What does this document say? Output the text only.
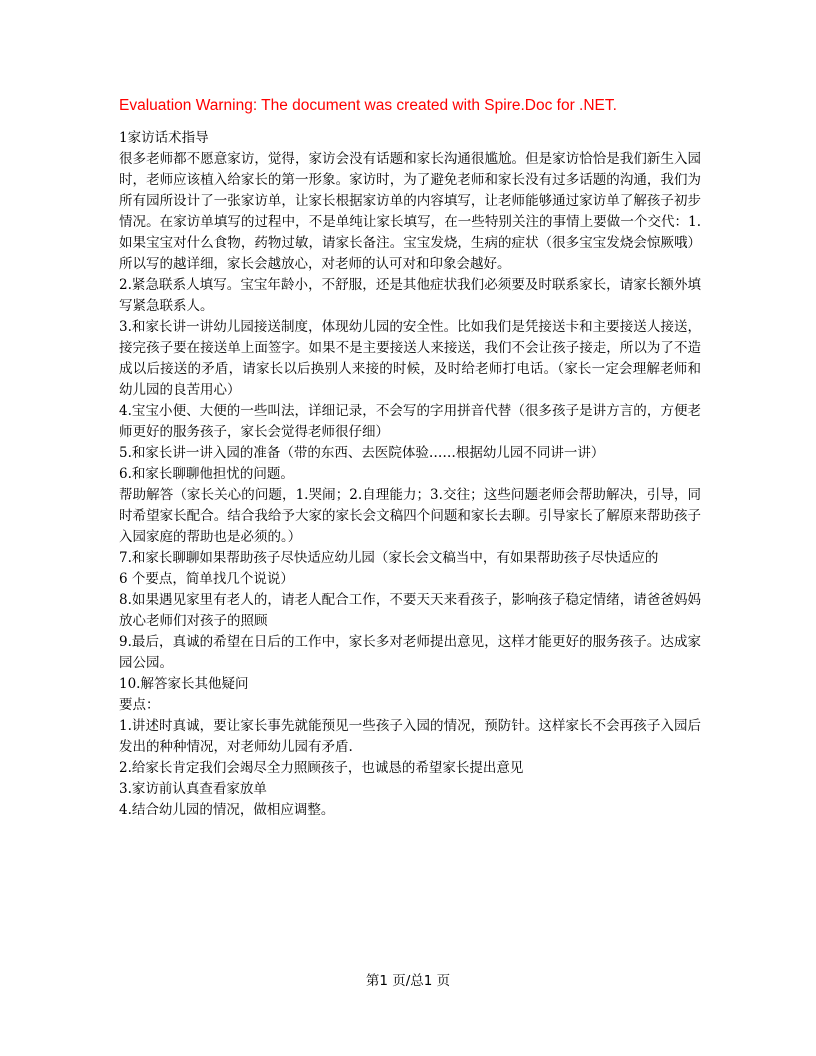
Evaluation Warning: The document was created with Spire.Doc for .NET.

1家访话术指导

很多老师都不愿意家访，觉得，家访会没有话题和家长沟通很尴尬。但是家访恰恰是我们新生入园时，老师应该植入给家长的第一形象。家访时，为了避免老师和家长没有过多话题的沟通，我们为所有园所设计了一张家访单，让家长根据家访单的内容填写，让老师能够通过家访单了解孩子初步情况。在家访单填写的过程中，不是单纯让家长填写，在一些特别关注的事情上要做一个交代：1.如果宝宝对什么食物，药物过敏，请家长备注。宝宝发烧，生病的症状（很多宝宝发烧会惊厥哦）所以写的越详细，家长会越放心，对老师的认可对和印象会越好。

2.紧急联系人填写。宝宝年龄小，不舒服，还是其他症状我们必须要及时联系家长，请家长额外填写紧急联系人。

3.和家长讲一讲幼儿园接送制度，体现幼儿园的安全性。比如我们是凭接送卡和主要接送人接送，接完孩子要在接送单上面签字。如果不是主要接送人来接送，我们不会让孩子接走，所以为了不造成以后接送的矛盾，请家长以后换别人来接的时候，及时给老师打电话。（家长一定会理解老师和幼儿园的良苦用心）

4.宝宝小便、大便的一些叫法，详细记录，不会写的字用拼音代替（很多孩子是讲方言的，方便老师更好的服务孩子，家长会觉得老师很仔细）

5.和家长讲一讲入园的准备（带的东西、去医院体验……根据幼儿园不同讲一讲）

6.和家长聊聊他担忧的问题。

帮助解答（家长关心的问题，1.哭闹；2.自理能力；3.交往；这些问题老师会帮助解决，引导，同时希望家长配合。结合我给予大家的家长会文稿四个问题和家长去聊。引导家长了解原来帮助孩子入园家庭的帮助也是必须的。）

7.和家长聊聊如果帮助孩子尽快适应幼儿园（家长会文稿当中，有如果帮助孩子尽快适应的

6 个要点，简单找几个说说）

8.如果遇见家里有老人的，请老人配合工作，不要天天来看孩子，影响孩子稳定情绪，请爸爸妈妈放心老师们对孩子的照顾

9.最后，真诚的希望在日后的工作中，家长多对老师提出意见，这样才能更好的服务孩子。达成家园公园。

10.解答家长其他疑问

要点：

1.讲述时真诚，要让家长事先就能预见一些孩子入园的情况，预防针。这样家长不会再孩子入园后发出的种种情况，对老师幼儿园有矛盾.

2.给家长肯定我们会竭尽全力照顾孩子，也诚恳的希望家长提出意见

3.家访前认真查看家放单

4.结合幼儿园的情况，做相应调整。

第1 页/总1 页
